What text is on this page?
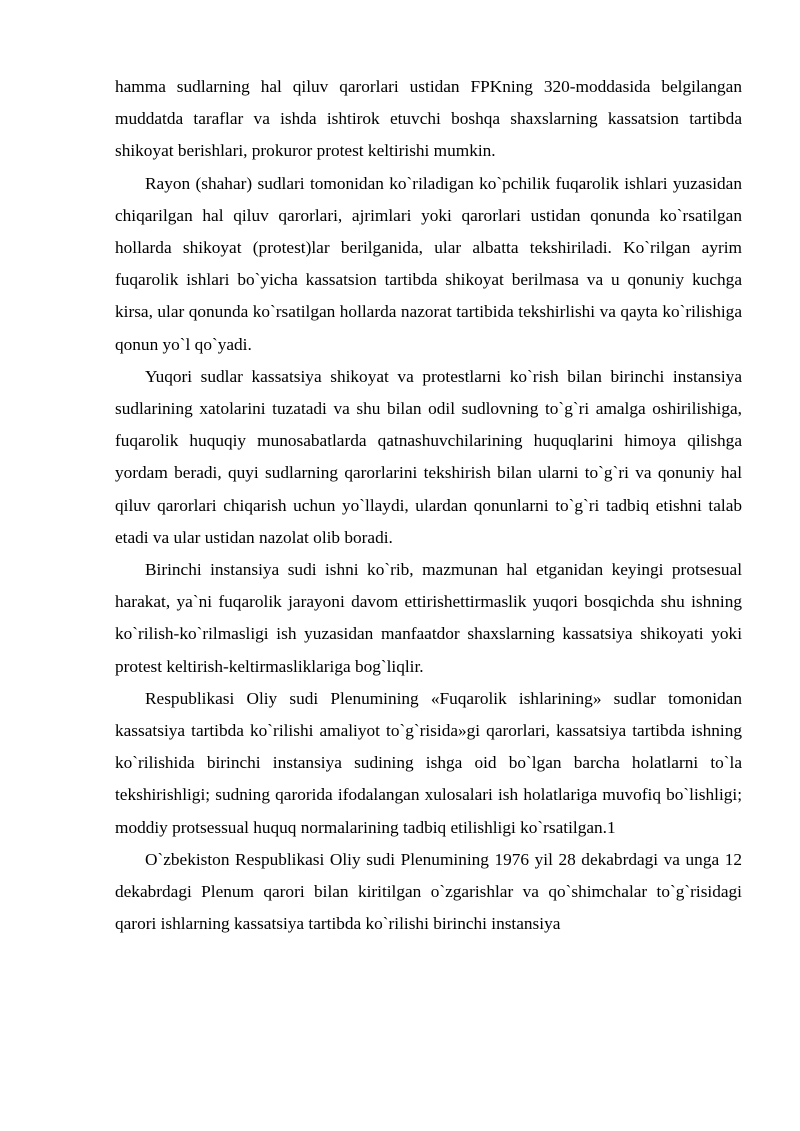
hamma sudlarning hal qiluv qarorlari ustidan FPKning 320-moddasida belgilangan muddatda taraflar va ishda ishtirok etuvchi boshqa shaxslarning kassatsion tartibda shikoyat berishlari, prokuror protest keltirishi mumkin.

Rayon (shahar) sudlari tomonidan ko`riladigan ko`pchilik fuqarolik ishlari yuzasidan chiqarilgan hal qiluv qarorlari, ajrimlari yoki qarorlari ustidan qonunda ko`rsatilgan hollarda shikoyat (protest)lar berilganida, ular albatta tekshiriladi. Ko`rilgan ayrim fuqarolik ishlari bo`yicha kassatsion tartibda shikoyat berilmasa va u qonuniy kuchga kirsa, ular qonunda ko`rsatilgan hollarda nazorat tartibida tekshirlishi va qayta ko`rilishiga qonun yo`l qo`yadi.

Yuqori sudlar kassatsiya shikoyat va protestlarni ko`rish bilan birinchi instansiya sudlarining xatolarini tuzatadi va shu bilan odil sudlovning to`g`ri amalga oshirilishiga, fuqarolik huquqiy munosabatlarda qatnashuvchilarining huquqlarini himoya qilishga yordam beradi, quyi sudlarning qarorlarini tekshirish bilan ularni to`g`ri va qonuniy hal qiluv qarorlari chiqarish uchun yo`llaydi, ulardan qonunlarni to`g`ri tadbiq etishni talab etadi va ular ustidan nazolat olib boradi.

Birinchi instansiya sudi ishni ko`rib, mazmunan hal etganidan keyingi protsesual harakat, ya`ni fuqarolik jarayoni davom ettirishettirmaslik yuqori bosqichda shu ishning ko`rilish-ko`rilmasligi ish yuzasidan manfaatdor shaxslarning kassatsiya shikoyati yoki protest keltirish-keltirmasliklariga bog`liqlir.

Respublikasi Oliy sudi Plenumining «Fuqarolik ishlarining» sudlar tomonidan kassatsiya tartibda ko`rilishi amaliyot to`g`risida»gi qarorlari, kassatsiya tartibda ishning ko`rilishida birinchi instansiya sudining ishga oid bo`lgan barcha holatlarni to`la tekshirishligi; sudning qarorida ifodalangan xulosalari ish holatlariga muvofiq bo`lishligi; moddiy protsessual huquq normalarining tadbiq etilishligi ko`rsatilgan.1

O`zbekiston Respublikasi Oliy sudi Plenumining 1976 yil 28 dekabrdagi va unga 12 dekabrdagi Plenum qarori bilan kiritilgan o`zgarishlar va qo`shimchalar to`g`risidagi qarori ishlarning kassatsiya tartibda ko`rilishi birinchi instansiya
